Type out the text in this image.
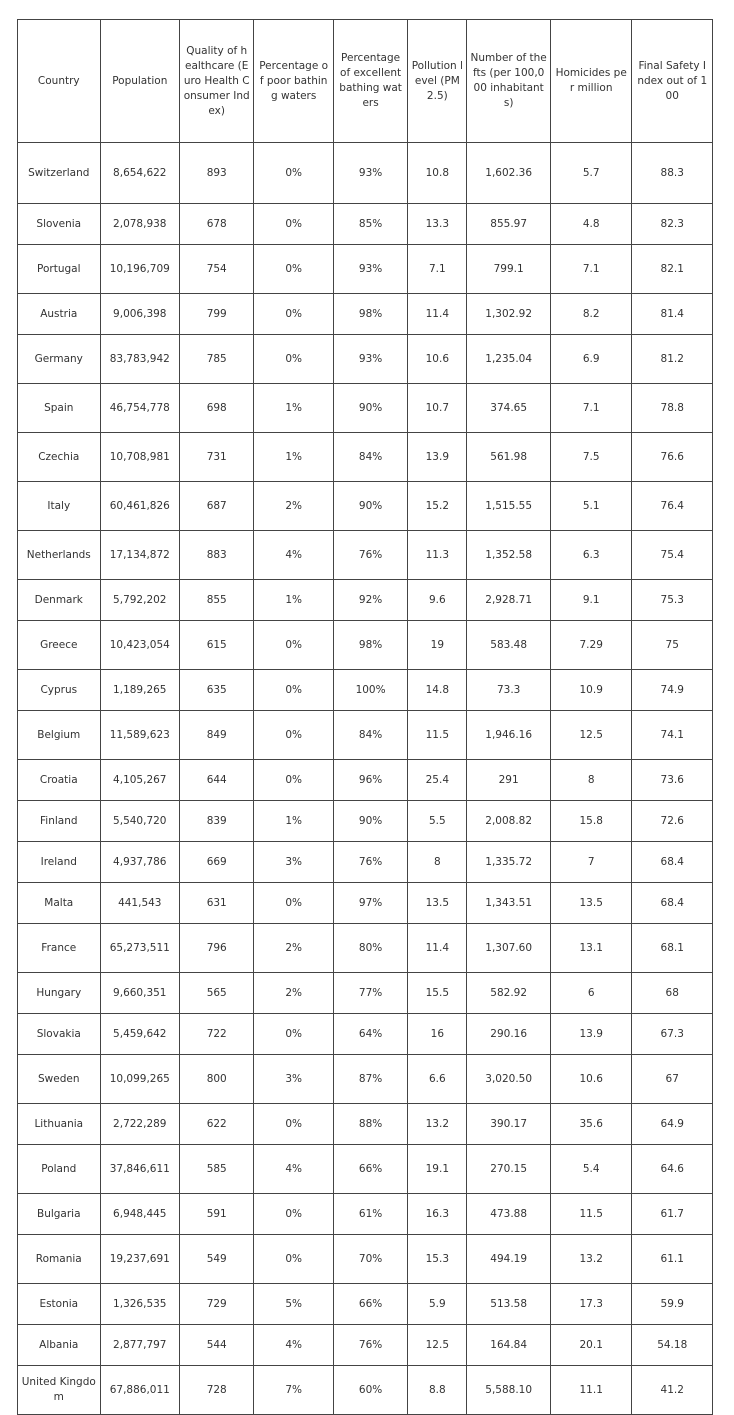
Country	Population	Quality of healthcare (Euro Health Consumer Index)	Percentage of poor bathing waters	Percentage of excellent bathing waters	Pollution level (PM2.5)	Number of thefts (per 100,000 inhabitants)	Homicides per million	Final Safety Index out of 100
Switzerland	8,654,622	893	0%	93%	10.8	1,602.36	5.7	88.3
Slovenia	2,078,938	678	0%	85%	13.3	855.97	4.8	82.3
Portugal	10,196,709	754	0%	93%	7.1	799.1	7.1	82.1
Austria	9,006,398	799	0%	98%	11.4	1,302.92	8.2	81.4
Germany	83,783,942	785	0%	93%	10.6	1,235.04	6.9	81.2
Spain	46,754,778	698	1%	90%	10.7	374.65	7.1	78.8
Czechia	10,708,981	731	1%	84%	13.9	561.98	7.5	76.6
Italy	60,461,826	687	2%	90%	15.2	1,515.55	5.1	76.4
Netherlands	17,134,872	883	4%	76%	11.3	1,352.58	6.3	75.4
Denmark	5,792,202	855	1%	92%	9.6	2,928.71	9.1	75.3
Greece	10,423,054	615	0%	98%	19	583.48	7.29	75
Cyprus	1,189,265	635	0%	100%	14.8	73.3	10.9	74.9
Belgium	11,589,623	849	0%	84%	11.5	1,946.16	12.5	74.1
Croatia	4,105,267	644	0%	96%	25.4	291	8	73.6
Finland	5,540,720	839	1%	90%	5.5	2,008.82	15.8	72.6
Ireland	4,937,786	669	3%	76%	8	1,335.72	7	68.4
Malta	441,543	631	0%	97%	13.5	1,343.51	13.5	68.4
France	65,273,511	796	2%	80%	11.4	1,307.60	13.1	68.1
Hungary	9,660,351	565	2%	77%	15.5	582.92	6	68
Slovakia	5,459,642	722	0%	64%	16	290.16	13.9	67.3
Sweden	10,099,265	800	3%	87%	6.6	3,020.50	10.6	67
Lithuania	2,722,289	622	0%	88%	13.2	390.17	35.6	64.9
Poland	37,846,611	585	4%	66%	19.1	270.15	5.4	64.6
Bulgaria	6,948,445	591	0%	61%	16.3	473.88	11.5	61.7
Romania	19,237,691	549	0%	70%	15.3	494.19	13.2	61.1
Estonia	1,326,535	729	5%	66%	5.9	513.58	17.3	59.9
Albania	2,877,797	544	4%	76%	12.5	164.84	20.1	54.18
United Kingdom	67,886,011	728	7%	60%	8.8	5,588.10	11.1	41.2
